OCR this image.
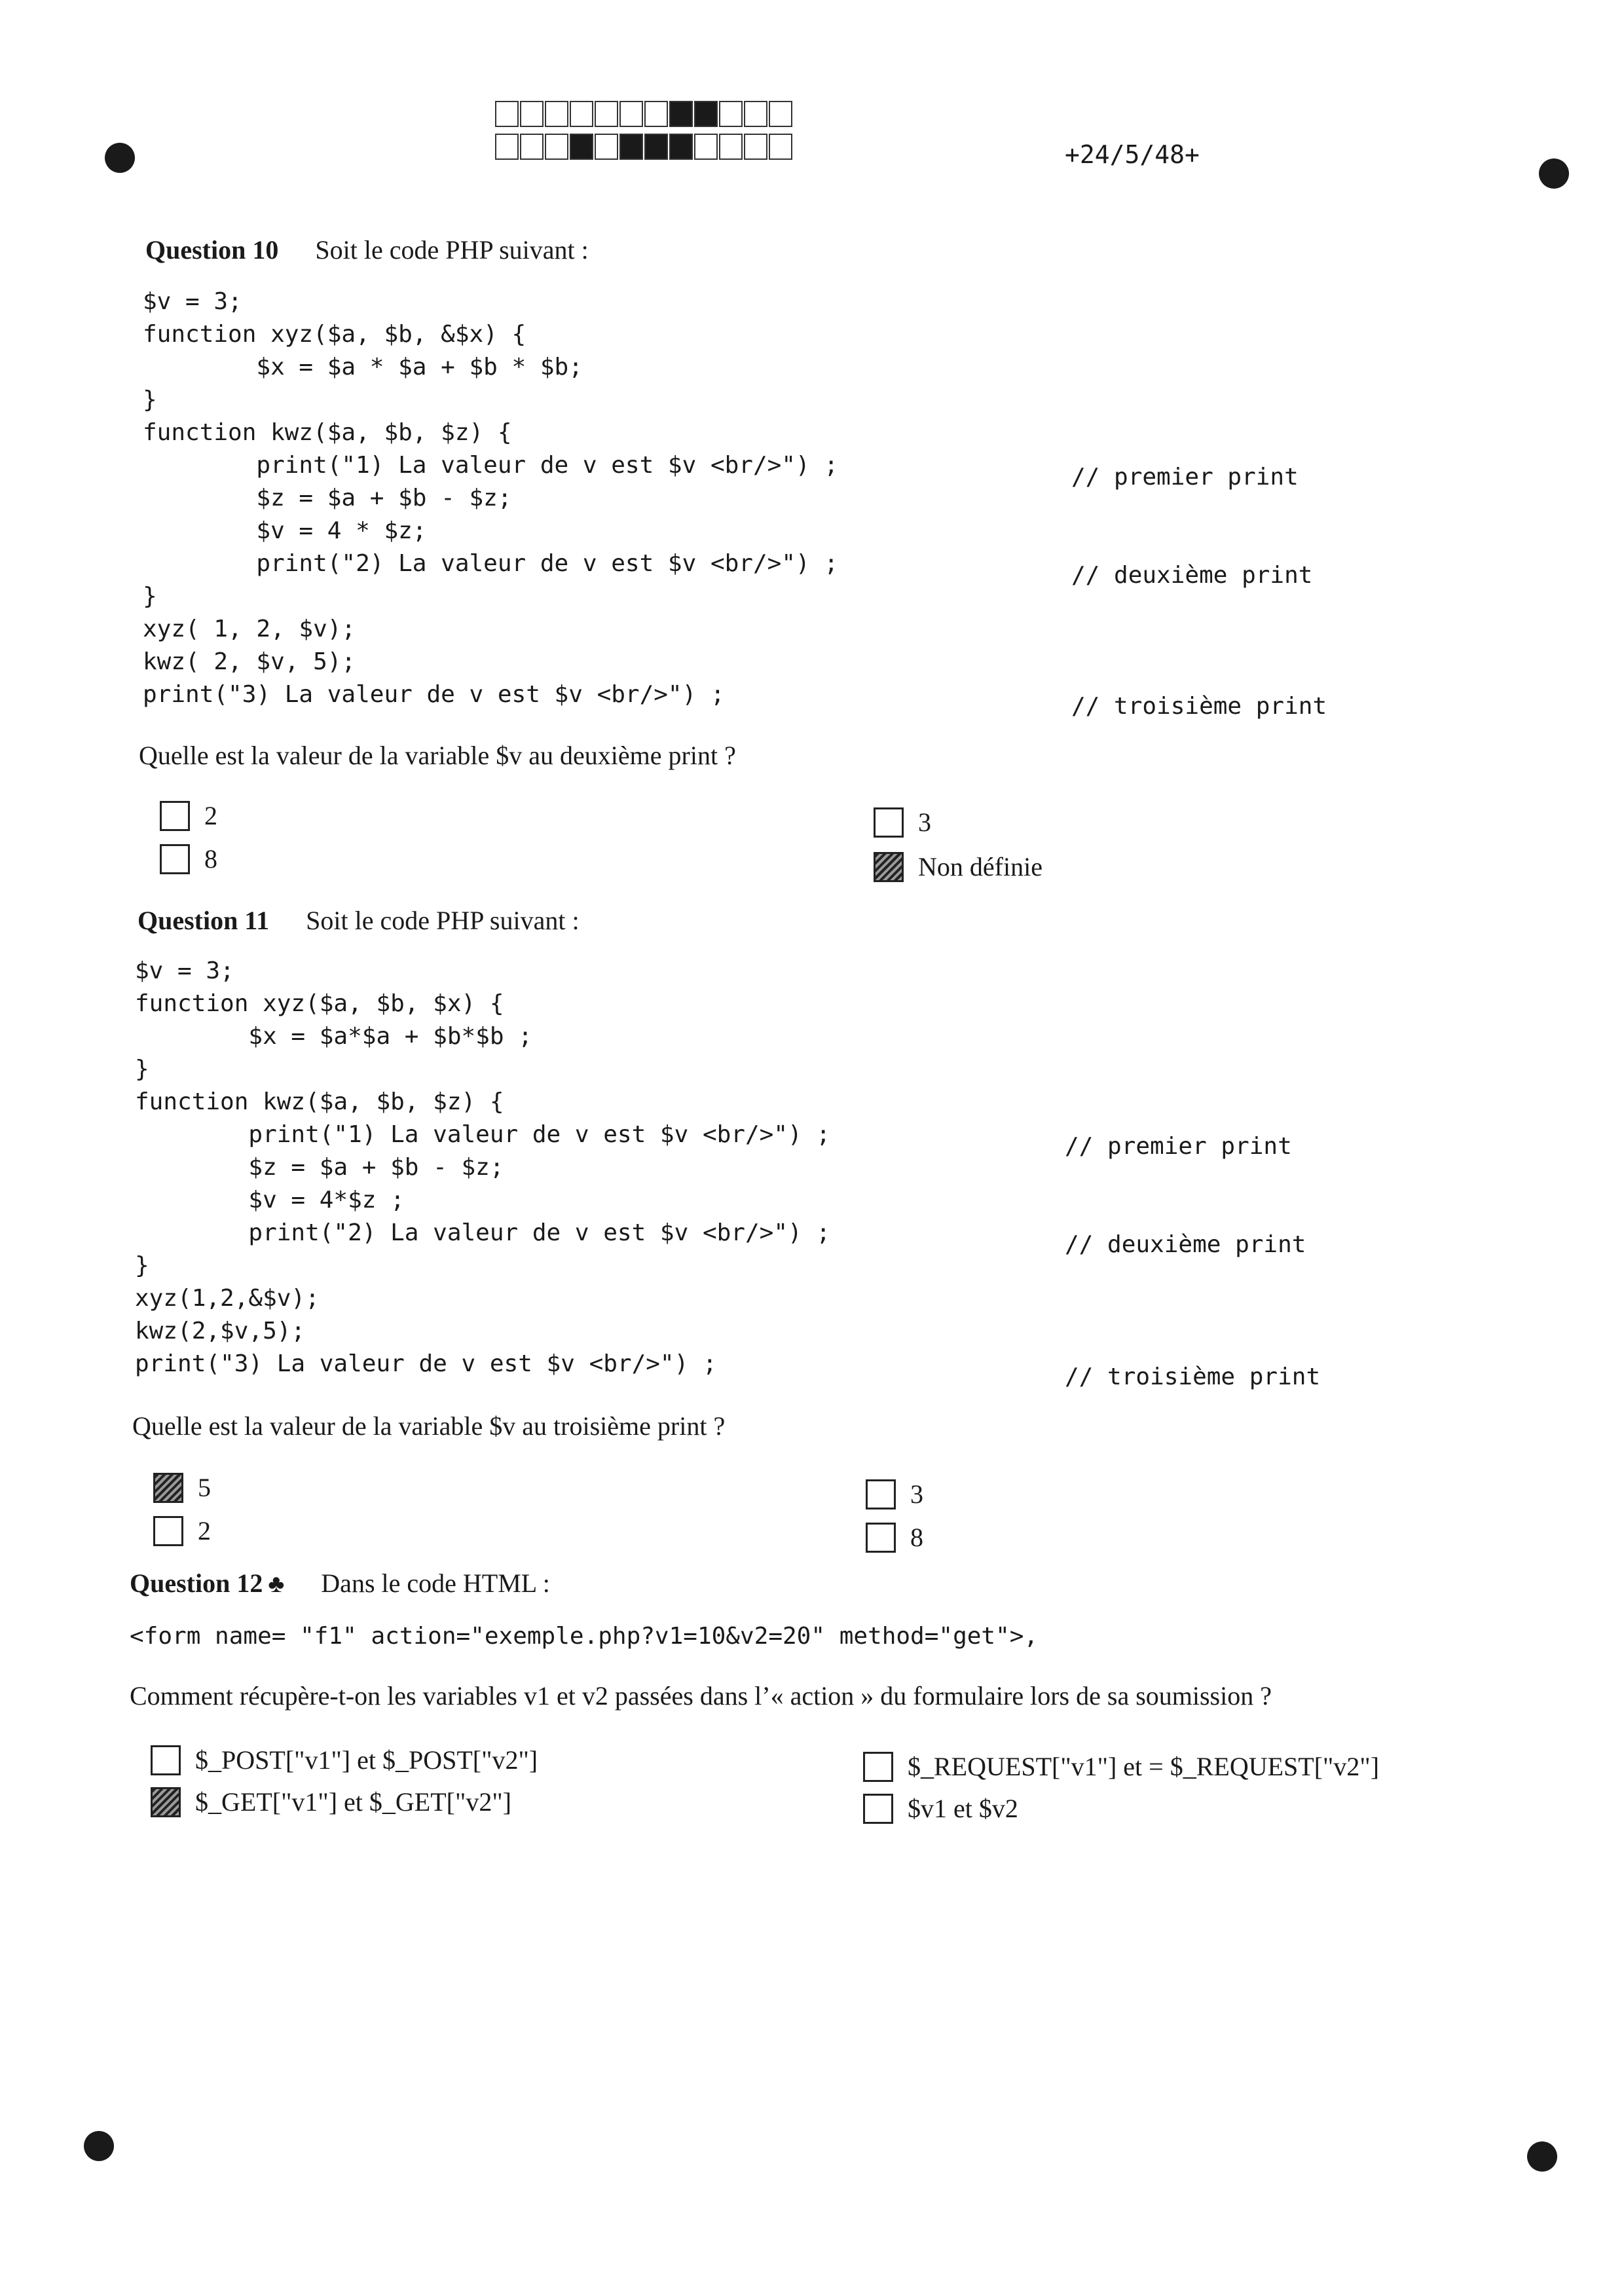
+24/5/48+
Question 10 Soit le code PHP suivant :
$v = 3;
function xyz($a, $b, &$x) {
$x = $a * $a + $b * $b;
}
function kwz($a, $b, $z) {
print("1) La valeur de v est $v <br/>") ;
$z = $a + $b - $z;
$v = 4 * $z;
print("2) La valeur de v est $v <br/>") ;
}
xyz( 1, 2, $v);
kwz( 2, $v, 5);
print("3) La valeur de v est $v <br/>") ;
// premier print
// deuxième print
// troisième print
Quelle est la valeur de la variable $v au deuxième print ?
2
8
3
Non définie
Question 11 Soit le code PHP suivant :
$v = 3;
function xyz($a, $b, $x) {
$x = $a*$a + $b*$b ;
}
function kwz($a, $b, $z) {
print("1) La valeur de v est $v <br/>") ;
$z = $a + $b - $z;
$v = 4*$z ;
print("2) La valeur de v est $v <br/>") ;
}
xyz(1,2,&$v);
kwz(2,$v,5);
print("3) La valeur de v est $v <br/>") ;
// premier print
// deuxième print
// troisième print
Quelle est la valeur de la variable $v au troisième print ?
5
2
3
8
Question 12 ♣ Dans le code HTML :
<form name= "f1" action="exemple.php?v1=10&v2=20" method="get">,
Comment récupère-t-on les variables v1 et v2 passées dans l’« action » du formulaire lors de sa soumission ?
$_POST["v1"] et $_POST["v2"]
$_GET["v1"] et $_GET["v2"]
$_REQUEST["v1"] et = $_REQUEST["v2"]
$v1 et $v2
